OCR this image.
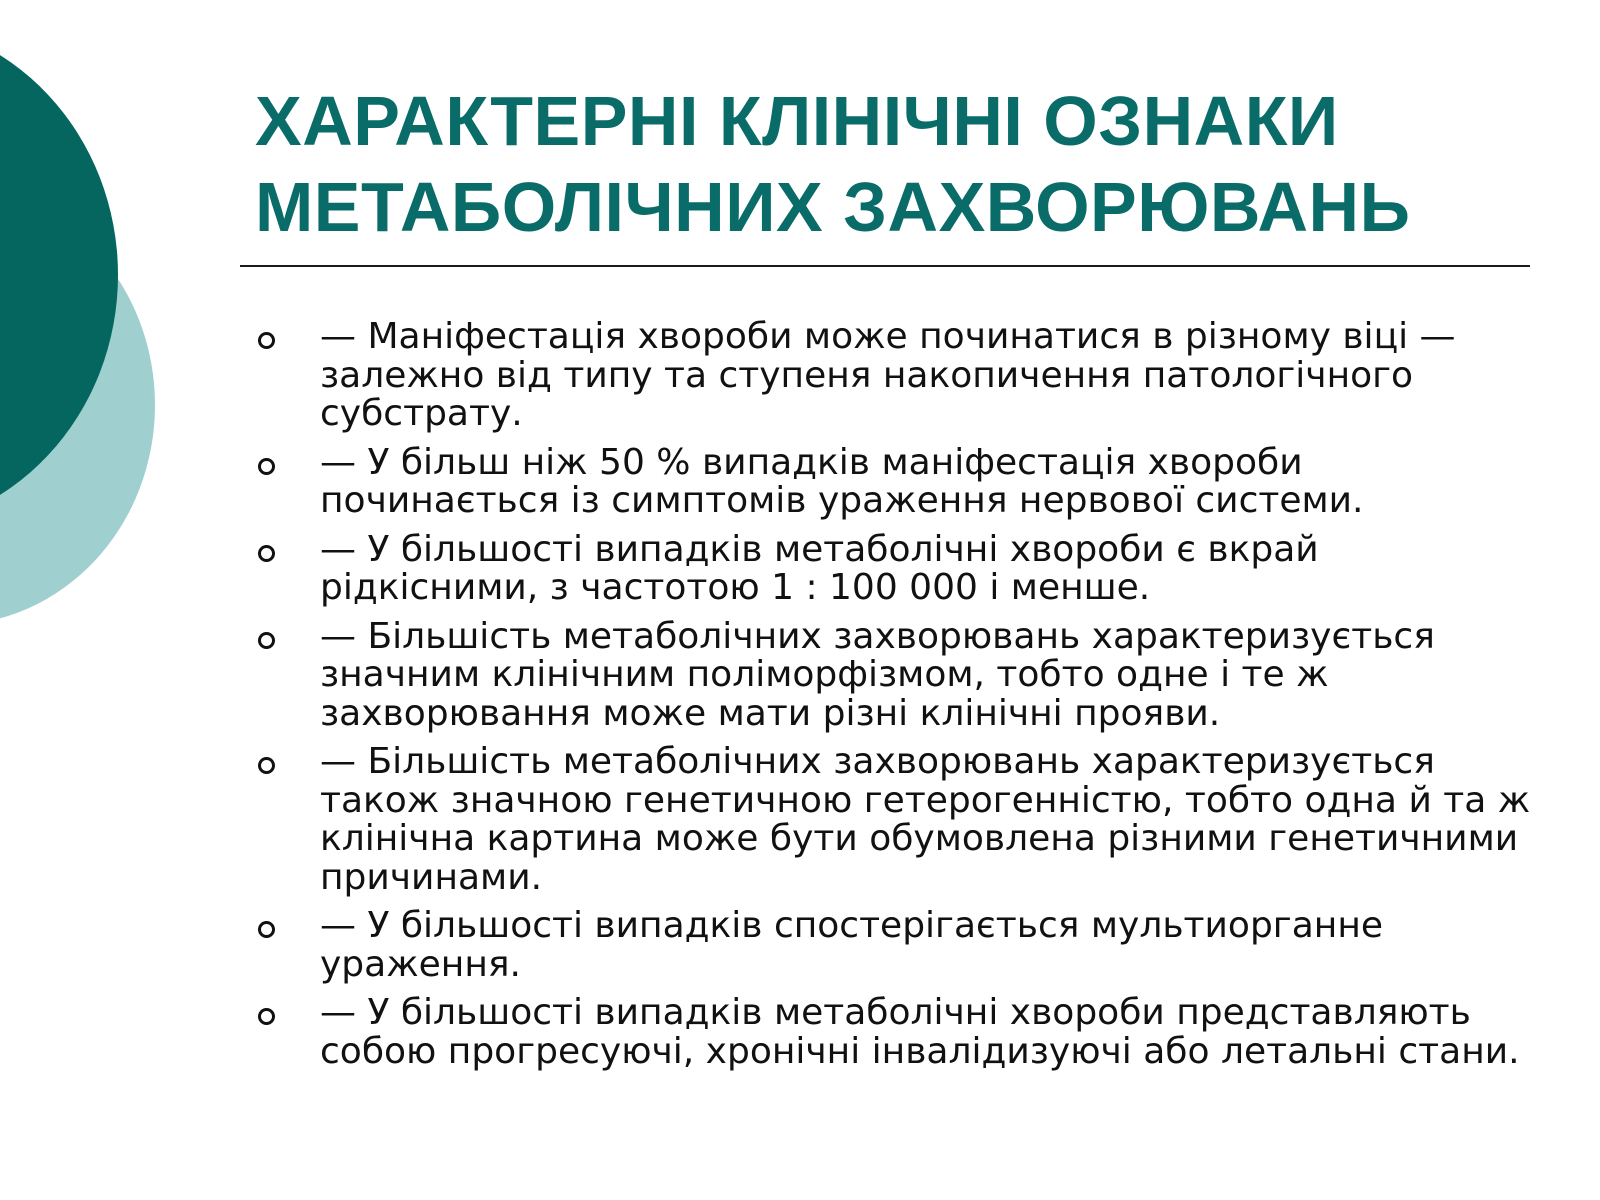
ХАРАКТЕРНІ КЛІНІЧНІ ОЗНАКИ
МЕТАБОЛІЧНИХ ЗАХВОРЮВАНЬ
— Маніфестація хвороби може починатися в різному віці —залежно від типу та ступеня накопичення патологічного субстрату.
— У більш ніж 50 % випадків маніфестація хвороби починається із симптомів ураження нервової системи.
— У більшості випадків метаболічні хвороби є вкрай рідкісними, з частотою 1 : 100 000 і менше.
— Більшість метаболічних захворювань характеризується значним клінічним поліморфізмом, тобто одне і те ж захворювання може мати різні клінічні прояви.
— Більшість метаболічних захворювань характеризується також значною генетичною гетерогенністю, тобто одна й та ж клінічна картина може бути обумовлена різними генетичними причинами.
— У більшості випадків спостерігається мультиорганне ураження.
— У більшості випадків метаболічні хвороби представляють собою прогресуючі, хронічні інвалідизуючі або летальні стани.
